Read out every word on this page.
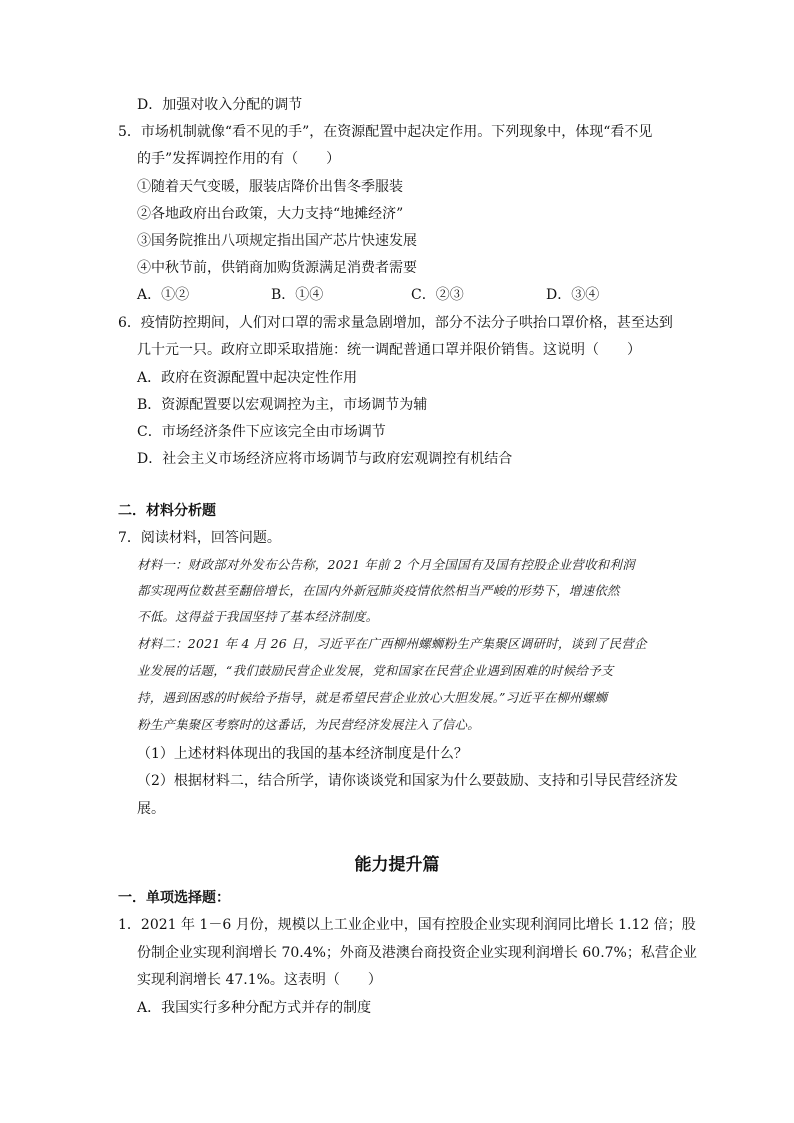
D．加强对收入分配的调节
5．市场机制就像“看不见的手”，在资源配置中起决定作用。下列现象中，体现“看不见
的手”发挥调控作用的有（　　）
①随着天气变暖，服装店降价出售冬季服装
②各地政府出台政策，大力支持“地摊经济”
③国务院推出八项规定指出国产芯片快速发展
④中秋节前，供销商加购货源满足消费者需要
A．①②	B．①④	C．②③	D．③④
6．疫情防控期间，人们对口罩的需求量急剧增加，部分不法分子哄抬口罩价格，甚至达到
几十元一只。政府立即采取措施：统一调配普通口罩并限价销售。这说明（　　）
A．政府在资源配置中起决定性作用
B．资源配置要以宏观调控为主，市场调节为辅
C．市场经济条件下应该完全由市场调节
D．社会主义市场经济应将市场调节与政府宏观调控有机结合
二．材料分析题
7．阅读材料，回答问题。
材料一：财政部对外发布公告称，2021 年前 2 个月全国国有及国有控股企业营收和利润
都实现两位数甚至翻倍增长，在国内外新冠肺炎疫情依然相当严峻的形势下，增速依然
不低。这得益于我国坚持了基本经济制度。
材料二：2021 年 4 月 26 日，习近平在广西柳州螺蛳粉生产集聚区调研时，谈到了民营企
业发展的话题，“我们鼓励民营企业发展，党和国家在民营企业遇到困难的时候给予支
持，遇到困惑的时候给予指导，就是希望民营企业放心大胆发展。”习近平在柳州螺蛳
粉生产集聚区考察时的这番话，为民营经济发展注入了信心。
（1）上述材料体现出的我国的基本经济制度是什么？
（2）根据材料二，结合所学，请你谈谈党和国家为什么要鼓励、支持和引导民营经济发
展。
能力提升篇
一．单项选择题：
1．2021 年 1－6 月份，规模以上工业企业中，国有控股企业实现利润同比增长 1.12 倍；股
份制企业实现利润增长 70.4%；外商及港澳台商投资企业实现利润增长 60.7%；私营企业
实现利润增长 47.1%。这表明（　　）
A．我国实行多种分配方式并存的制度
